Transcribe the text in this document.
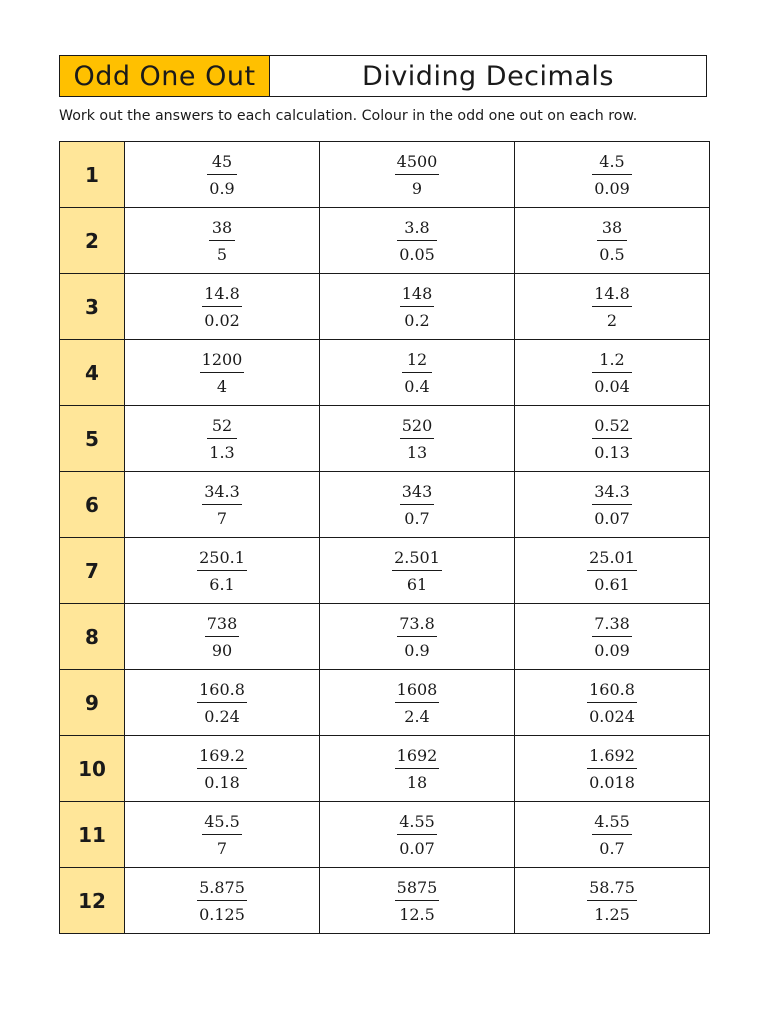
Odd One Out	Dividing Decimals
Work out the answers to each calculation. Colour in the odd one out on each row.
1	$\frac{45}{0.9}$	$\frac{4500}{9}$	$\frac{4.5}{0.09}$

2	$\frac{38}{5}$	$\frac{3.8}{0.05}$	$\frac{38}{0.5}$

3	$\frac{14.8}{0.02}$	$\frac{148}{0.2}$	$\frac{14.8}{2}$

4	$\frac{1200}{4}$	$\frac{12}{0.4}$	$\frac{1.2}{0.04}$

5	$\frac{52}{1.3}$	$\frac{520}{13}$	$\frac{0.52}{0.13}$

6	$\frac{34.3}{7}$	$\frac{343}{0.7}$	$\frac{34.3}{0.07}$

7	$\frac{250.1}{6.1}$	$\frac{2.501}{61}$	$\frac{25.01}{0.61}$

8	$\frac{738}{90}$	$\frac{73.8}{0.9}$	$\frac{7.38}{0.09}$

9	$\frac{160.8}{0.24}$	$\frac{1608}{2.4}$	$\frac{160.8}{0.024}$

10	$\frac{169.2}{0.18}$	$\frac{1692}{18}$	$\frac{1.692}{0.018}$

11	$\frac{45.5}{7}$	$\frac{4.55}{0.07}$	$\frac{4.55}{0.7}$

12	$\frac{5.875}{0.125}$	$\frac{5875}{12.5}$	$\frac{58.75}{1.25}$
